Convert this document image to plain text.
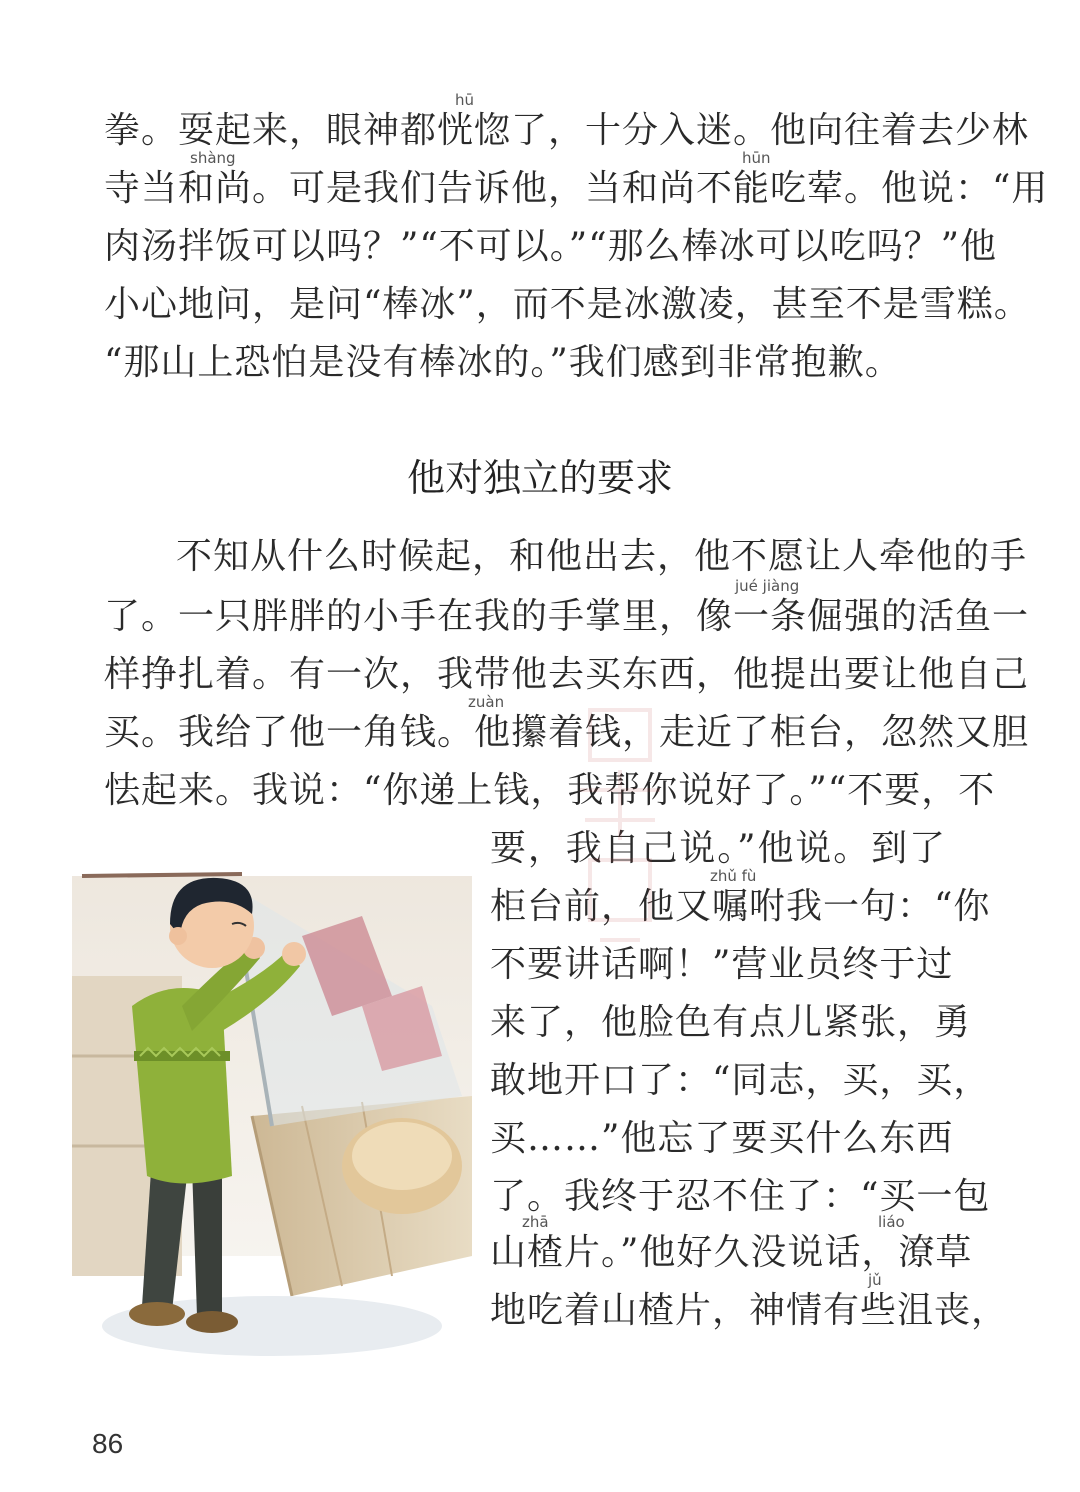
hū
shàng	hūn
拳。耍起来，眼神都恍惚了，十分入迷。他向往着去少林
寺当和尚。可是我们告诉他，当和尚不能吃荤。他说：“用
肉汤拌饭可以吗？”“不可以。”“那么棒冰可以吃吗？”他
小心地问，是问“棒冰”，而不是冰激凌，甚至不是雪糕。
“那山上恐怕是没有棒冰的。”我们感到非常抱歉。
他对独立的要求
jué jiàng
zuàn
zhǔ fù
zhā	liáo
jǔ
不知从什么时候起，和他出去，他不愿让人牵他的手
了。一只胖胖的小手在我的手掌里，像一条倔强的活鱼一
样挣扎着。有一次，我带他去买东西，他提出要让他自己
买。我给了他一角钱。他攥着钱，走近了柜台，忽然又胆
怯起来。我说：“你递上钱，我帮你说好了。”“不要，不
要，我自己说。”他说。到了
柜台前，他又嘱咐我一句：“你
不要讲话啊！”营业员终于过
来了，他脸色有点儿紧张，勇
敢地开口了：“同志，买，买，
买……”他忘了要买什么东西
了。我终于忍不住了：“买一包
山楂片。”他好久没说话，潦草
地吃着山楂片，神情有些沮丧，
86
